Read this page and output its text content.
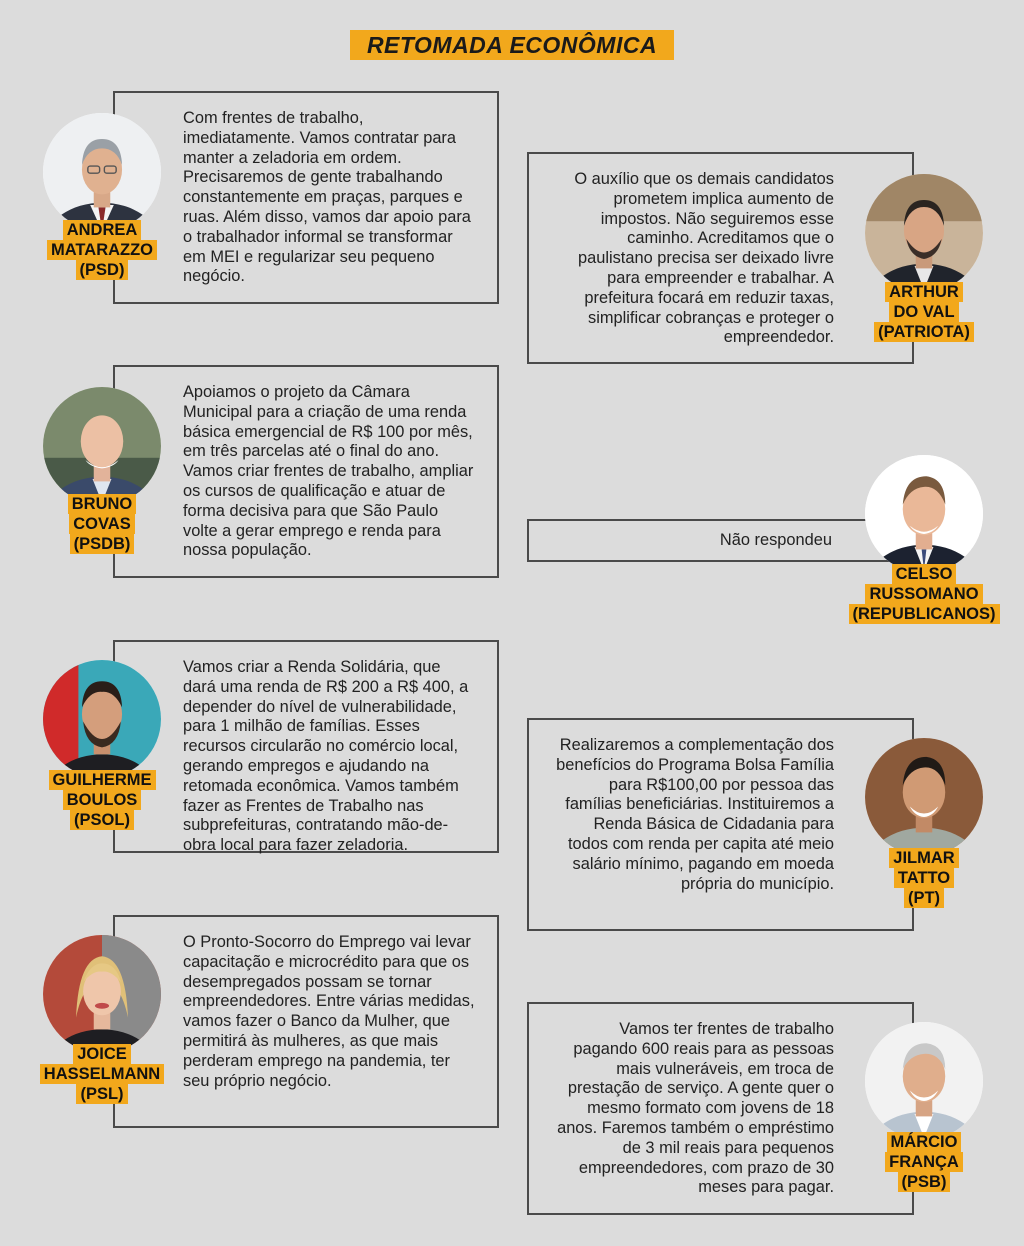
RETOMADA ECONÔMICA
Com frentes de trabalho, imediatamente. Vamos contratar para manter a zeladoria em ordem. Precisaremos de gente trabalhando constantemente em praças, parques e ruas. Além disso, vamos dar apoio para o trabalhador informal se transformar em MEI e regularizar seu pequeno negócio.
ANDREA
MATARAZZO
(PSD)
O auxílio que os demais candidatos prometem implica aumento de impostos. Não seguiremos esse caminho. Acreditamos que o paulistano precisa ser deixado livre para empreender e trabalhar. A prefeitura focará em reduzir taxas, simplificar cobranças e proteger o empreendedor.
ARTHUR
DO VAL
(PATRIOTA)
Apoiamos o projeto da Câmara Municipal para a criação de uma renda básica emergencial de R$ 100 por mês, em três parcelas até o final do ano. Vamos criar frentes de trabalho, ampliar os cursos de qualificação e atuar de forma decisiva para que São Paulo volte a gerar emprego e renda para nossa população.
BRUNO
COVAS
(PSDB)	Não respondeu
CELSO
RUSSOMANO
(REPUBLICANOS)
Vamos criar a Renda Solidária, que dará uma renda de R$ 200 a R$ 400, a depender do nível de vulnerabilidade, para 1 milhão de famílias. Esses recursos circularão no comércio local, gerando empregos e ajudando na retomada econômica. Vamos também fazer as Frentes de Trabalho nas subprefeituras, contratando mão-de-obra local para fazer zeladoria.
GUILHERME
BOULOS
(PSOL)
Realizaremos a complementação dos benefícios do Programa Bolsa Família para R$100,00 por pessoa das famílias beneficiárias. Instituiremos a Renda Básica de Cidadania para todos com renda per capita até meio salário mínimo, pagando em moeda própria do município.
JILMAR
TATTO
(PT)
O Pronto-Socorro do Emprego vai levar capacitação e microcrédito para que os desempregados possam se tornar empreendedores. Entre várias medidas, vamos fazer o Banco da Mulher, que permitirá às mulheres, as que mais perderam emprego na pandemia, ter seu próprio negócio.
JOICE
HASSELMANN
(PSL)
Vamos ter frentes de trabalho pagando 600 reais para as pessoas mais vulneráveis, em troca de prestação de serviço. A gente quer o mesmo formato com jovens de 18 anos. Faremos também o empréstimo de 3 mil reais para pequenos empreendedores, com prazo de 30 meses para pagar.
MÁRCIO
FRANÇA
(PSB)
